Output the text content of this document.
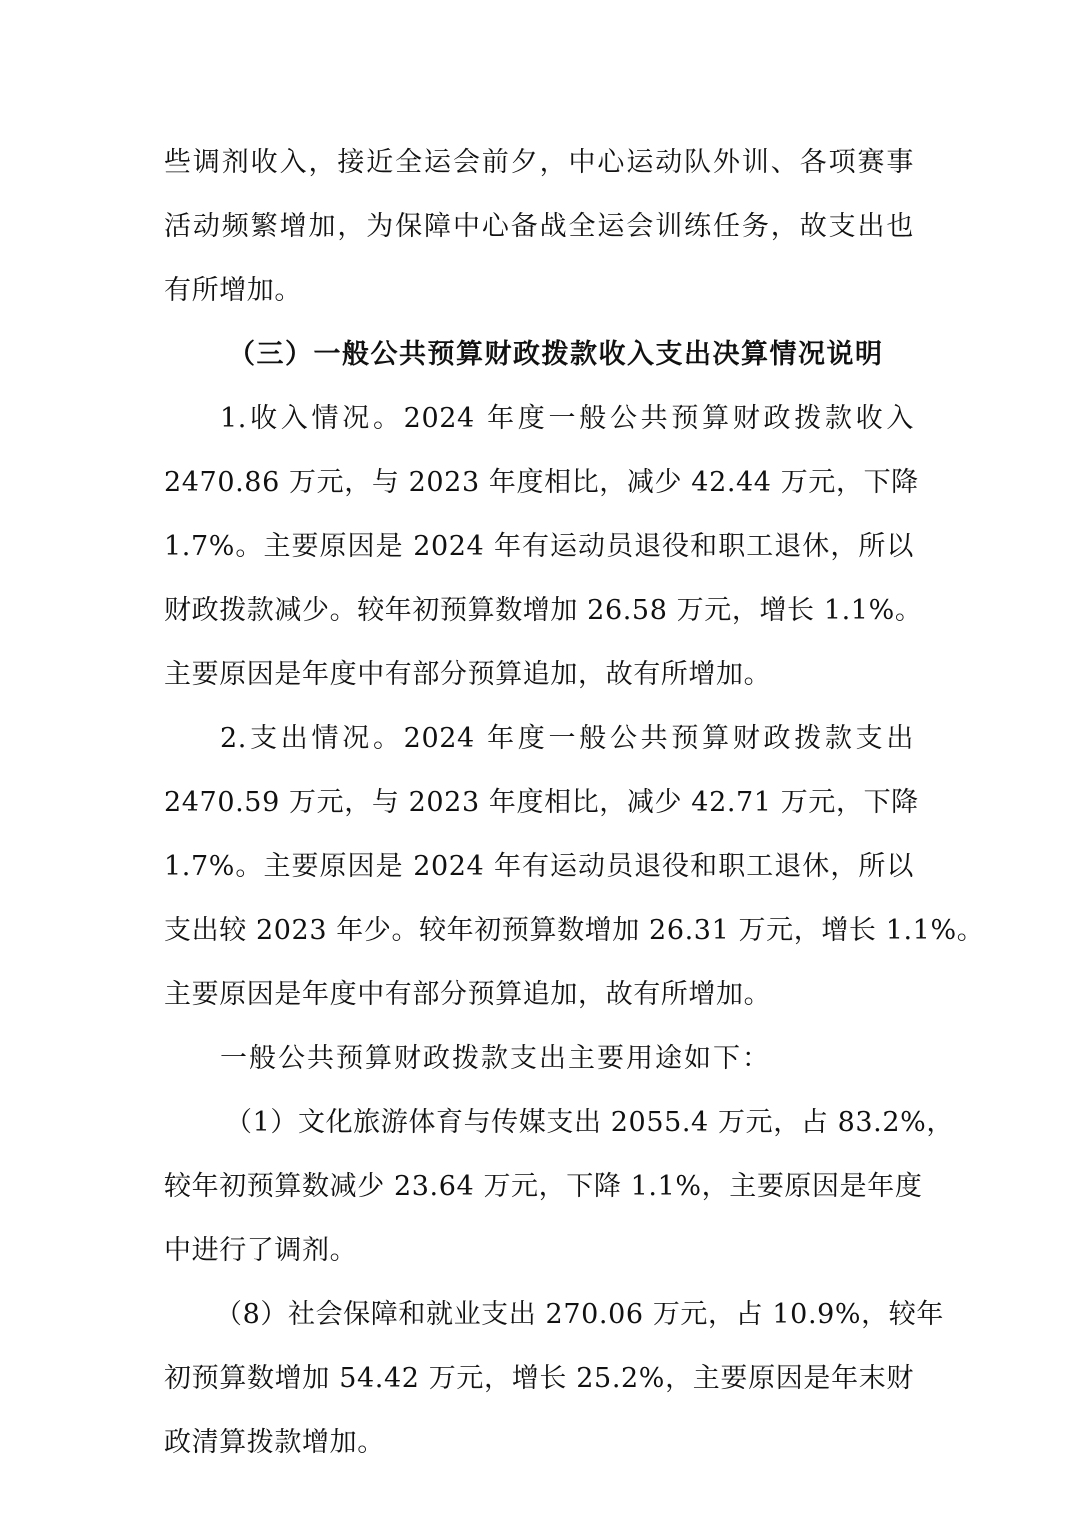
些调剂收入，接近全运会前夕，中心运动队外训、各项赛事
活动频繁增加，为保障中心备战全运会训练任务，故支出也
有所增加。
（三）一般公共预算财政拨款收入支出决算情况说明
1.收入情况。2024 年度一般公共预算财政拨款收入
2470.86 万元，与 2023 年度相比，减少 42.44 万元，下降
1.7%。主要原因是 2024 年有运动员退役和职工退休，所以
财政拨款减少。较年初预算数增加 26.58 万元，增长 1.1%。
主要原因是年度中有部分预算追加，故有所增加。
2.支出情况。2024 年度一般公共预算财政拨款支出
2470.59 万元，与 2023 年度相比，减少 42.71 万元，下降
1.7%。主要原因是 2024 年有运动员退役和职工退休，所以
支出较 2023 年少。较年初预算数增加 26.31 万元，增长 1.1%。
主要原因是年度中有部分预算追加，故有所增加。
一般公共预算财政拨款支出主要用途如下：
（1）文化旅游体育与传媒支出 2055.4 万元，占 83.2%，
较年初预算数减少 23.64 万元，下降 1.1%，主要原因是年度
中进行了调剂。
（8）社会保障和就业支出 270.06 万元，占 10.9%，较年
初预算数增加 54.42 万元，增长 25.2%，主要原因是年末财
政清算拨款增加。
